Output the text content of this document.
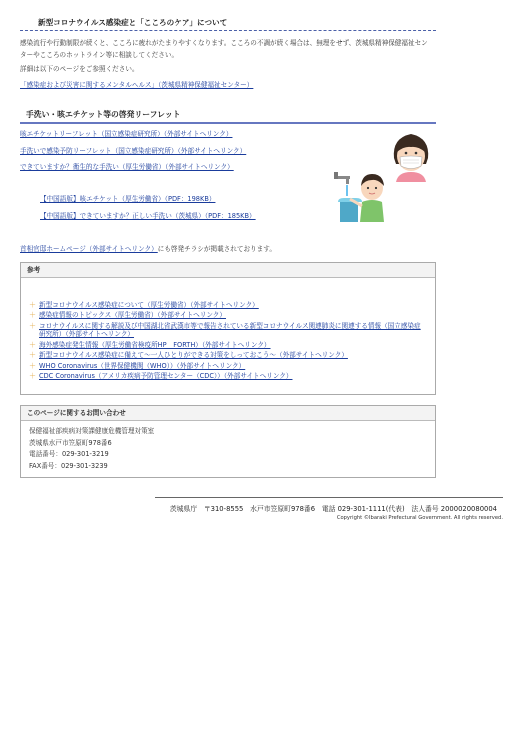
新型コロナウイルス感染症と「こころのケア」について
感染流行や行動制限が続くと、こころに疲れがたまりやすくなります。こころの不調が続く場合は、無理をせず、茨城県精神保健福祉センターやこころのホットライン等に相談してください。
詳細は以下のページをご参照ください。
「感染症および災害に関するメンタルヘルス」（茨城県精神保健福祉センター）
手洗い・咳エチケット等の啓発リーフレット
咳エチケットリーフレット（国立感染症研究所）（外部サイトへリンク）
手洗いで感染予防リーフレット（国立感染症研究所）（外部サイトへリンク）
できていますか？衛生的な手洗い（厚生労働省）（外部サイトへリンク）
【中国語版】咳エチケット（厚生労働省）（PDF：198KB）
【中国語版】できていますか？正しい手洗い（茨城県）（PDF：185KB）
首相官邸ホームページ（外部サイトへリンク）にも啓発チラシが掲載されております。
参考
＋ 新型コロナウイルス感染症について（厚生労働省）（外部サイトへリンク）
＋ 感染症情報のトピックス（厚生労働省）（外部サイトへリンク）
＋ コロナウイルスに関する解説及び中国湖北省武漢市等で報告されている新型コロナウイルス関連肺炎に関連する情報（国立感染症研究所）（外部サイトへリンク）
＋ 海外感染症発生情報（厚生労働省検疫所HP　FORTH）（外部サイトへリンク）
＋ 新型コロナウイルス感染症に備えて～一人ひとりができる対策をしっておこう～（外部サイトへリンク）
＋ WHO Coronavirus（世界保健機関（WHO））（外部サイトへリンク）
＋ CDC Coronavirus（アメリカ疾病予防管理センター（CDC））（外部サイトへリンク）
このページに関するお問い合わせ
保健福祉部疾病対策課健康危機管理対策室
茨城県水戸市笠原町978番6
電話番号：029-301-3219
FAX番号：029-301-3239
茨城県庁　〒310-8555　水戸市笠原町978番6　電話 029-301-1111(代表)　法人番号 2000020080004
Copyright ©Ibaraki Prefectural Government. All rights reserved.
